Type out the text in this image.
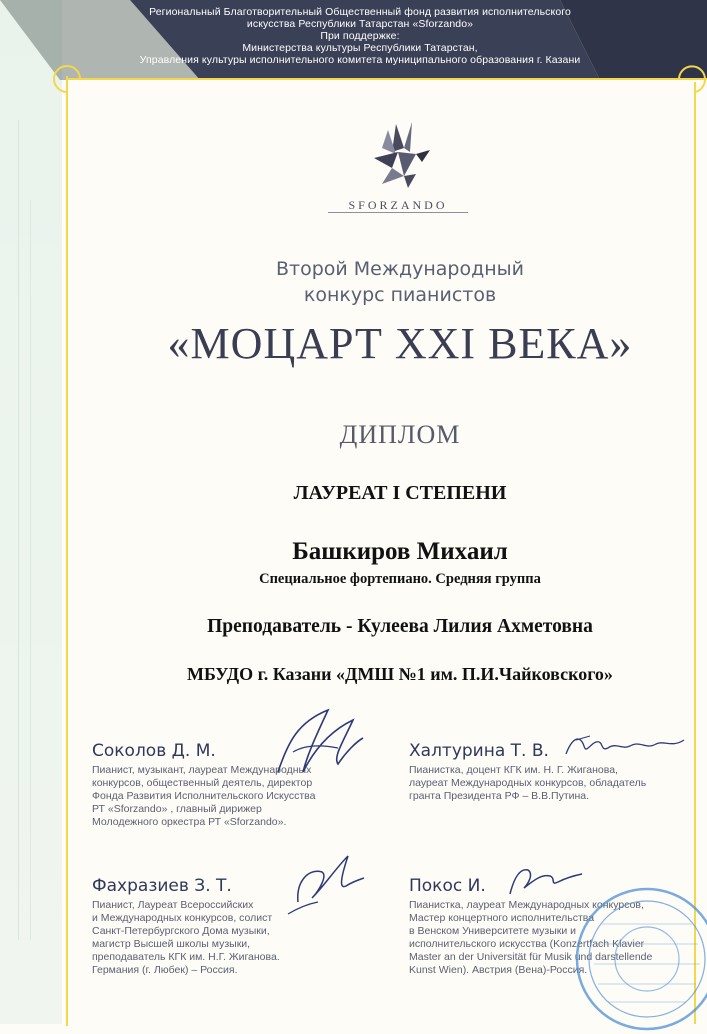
Региональный Благотворительный Общественный фонд развития исполнительского
искусства Республики Татарстан «Sforzando»
При поддержке:
Министерства культуры Республики Татарстан,
Управления культуры исполнительного комитета муниципального образования г. Казани
SFORZANDO
Второй Международный
конкурс пианистов
«МОЦАРТ XXI ВЕКА»
ДИПЛОМ
ЛАУРЕАТ I СТЕПЕНИ
Башкиров Михаил
Специальное фортепиано. Средняя группа
Преподаватель - Кулеева Лилия Ахметовна
МБУДО г. Казани «ДМШ №1 им. П.И.Чайковского»
Соколов Д. М.
Пианист, музыкант, лауреат Международных
конкурсов, общественный деятель, директор
Фонда Развития Исполнительского Искусства
РТ «Sforzando» , главный дирижер
Молодежного оркестра РТ «Sforzando».
Халтурина Т. В.
Пианистка, доцент КГК им. Н. Г. Жиганова,
лауреат Международных конкурсов, обладатель
гранта Президента РФ – В.В.Путина.
Фахразиев З. Т.
Пианист, Лауреат Всероссийских
и Международных конкурсов, солист
Санкт-Петербургского Дома музыки,
магистр Высшей школы музыки,
преподаватель КГК им. Н.Г. Жиганова.
Германия (г. Любек) – Россия.
Покос И.
Пианистка, лауреат Международных конкурсов,
Мастер концертного исполнительства
в Венском Университете музыки и
исполнительского искусства (Konzertfach Klavier
Master an der Universität für Musik und darstellende
Kunst Wien). Австрия (Вена)-Россия.
